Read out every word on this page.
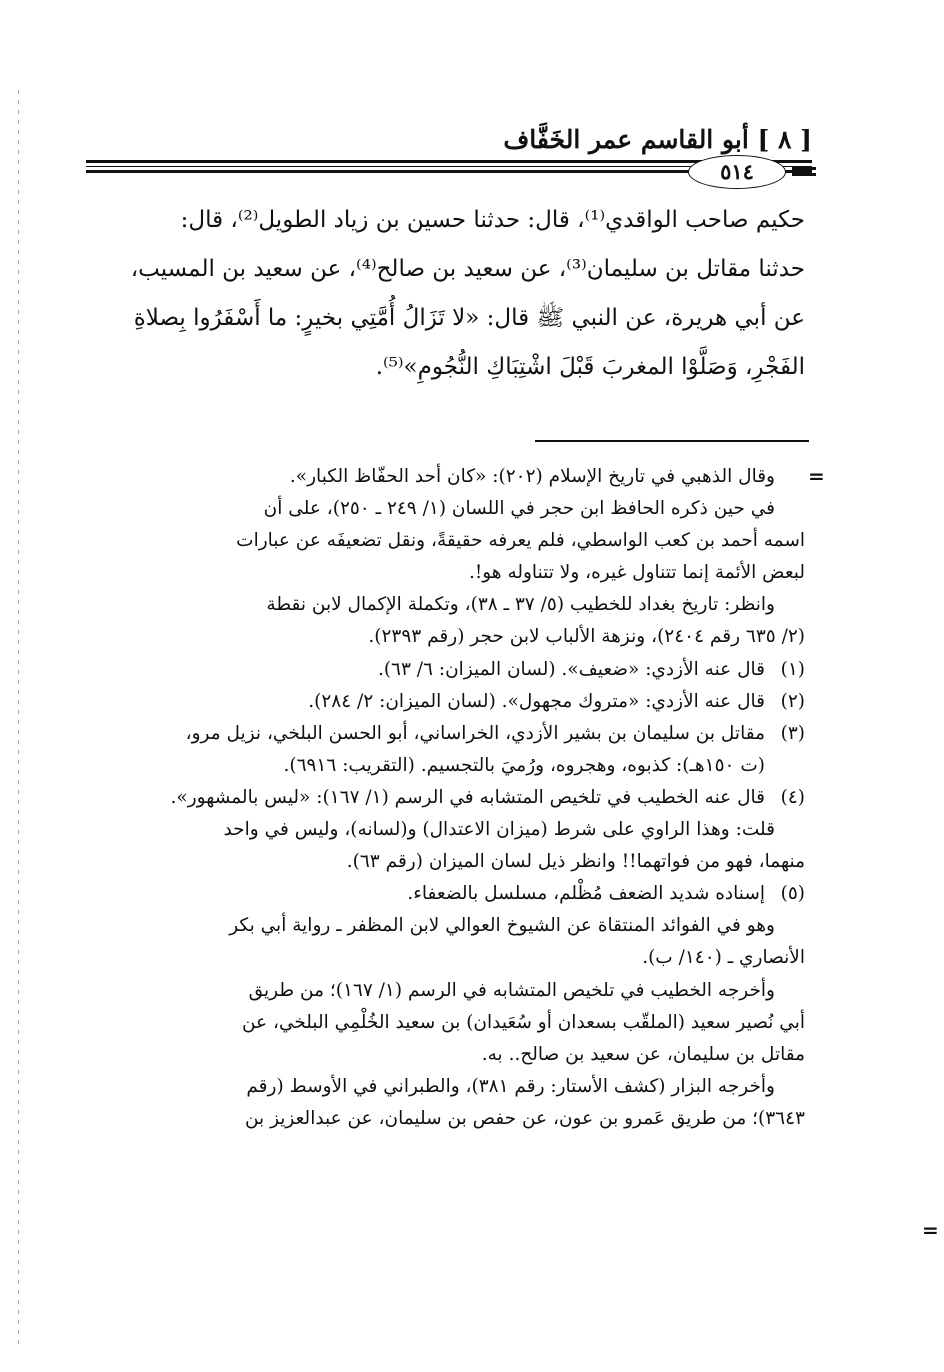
[ ٨ ] أبو القاسم عمر الخَفَّاف
٥١٤
حكيم صاحب الواقدي⁽¹⁾، قال: حدثنا حسين بن زياد الطويل⁽²⁾، قال:
حدثنا مقاتل بن سليمان⁽³⁾، عن سعيد بن صالح⁽⁴⁾، عن سعيد بن المسيب،
عن أبي هريرة، عن النبي ﷺ قال: «لا تَزَالُ أُمَّتِي بخيرٍ: ما أَسْفَرُوا بِصلاةِ
الفَجْرِ، وَصَلَّوْا المغربَ قَبْلَ اشْتِبَاكِ النُّجُومِ»⁽⁵⁾.
=
وقال الذهبي في تاريخ الإسلام (٢٠٢): «كان أحد الحفّاظ الكبار».
في حين ذكره الحافظ ابن حجر في اللسان (١/ ٢٤٩ ـ ٢٥٠)، على أن
اسمه أحمد بن كعب الواسطي، فلم يعرفه حقيقةً، ونقل تضعيفَه عن عبارات
لبعض الأئمة إنما تتناول غيره، ولا تتناوله هو!.
وانظر: تاريخ بغداد للخطيب (٥/ ٣٧ ـ ٣٨)، وتكملة الإكمال لابن نقطة
(٢/ ٦٣٥ رقم ٢٤٠٤)، ونزهة الألباب لابن حجر (رقم ٢٣٩٣).
(١)
قال عنه الأزدي: «ضعيف». (لسان الميزان: ٦/ ٦٣).
(٢)
قال عنه الأزدي: «متروك مجهول». (لسان الميزان: ٢/ ٢٨٤).
(٣)
مقاتل بن سليمان بن بشير الأزدي، الخراساني، أبو الحسن البلخي، نزيل مرو،
(ت ١٥٠هـ): كذبوه، وهجروه، ورُميَ بالتجسيم. (التقريب: ٦٩١٦).
(٤)
قال عنه الخطيب في تلخيص المتشابه في الرسم (١/ ١٦٧): «ليس بالمشهور».
قلت: وهذا الراوي على شرط (ميزان الاعتدال) و(لسانه)، وليس في واحد
منهما، فهو من فواتهما!! وانظر ذيل لسان الميزان (رقم ٦٣).
(٥)
إسناده شديد الضعف مُظْلم، مسلسل بالضعفاء.
وهو في الفوائد المنتقاة عن الشيوخ العوالي لابن المظفر ـ رواية أبي بكر
الأنصاري ـ (١٤٠/ ب).
وأخرجه الخطيب في تلخيص المتشابه في الرسم (١/ ١٦٧)؛ من طريق
أبي نُصير سعيد (الملقّب بسعدان أو سُعَيدان) بن سعيد الخُلْمِي البلخي، عن
مقاتل بن سليمان، عن سعيد بن صالح.. به.
وأخرجه البزار (كشف الأستار: رقم ٣٨١)، والطبراني في الأوسط (رقم
٣٦٤٣)؛ من طريق عَمرو بن عون، عن حفص بن سليمان، عن عبدالعزيز بن
=
